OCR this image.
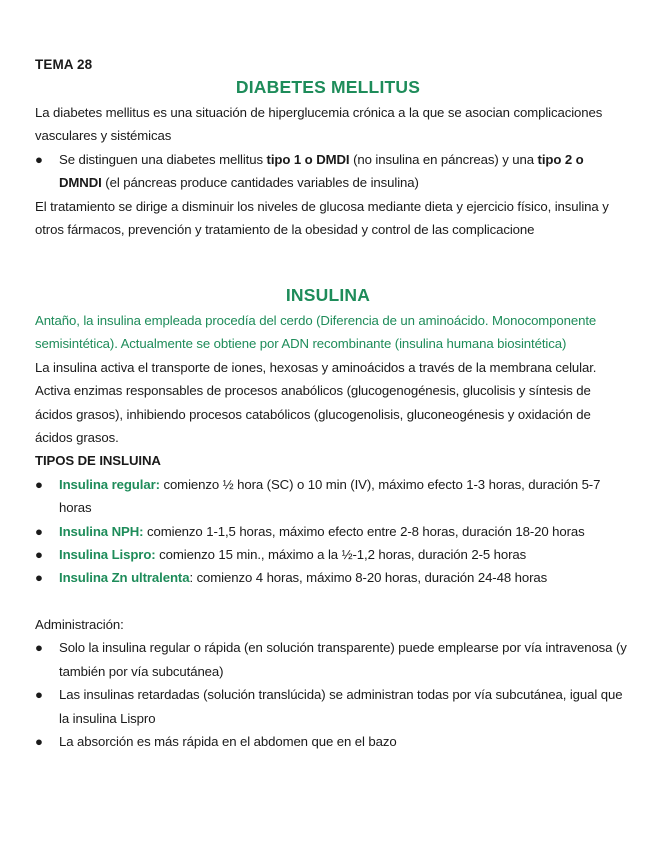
TEMA 28
DIABETES MELLITUS
La diabetes mellitus es una situación de hiperglucemia crónica a la que se asocian complicaciones vasculares y sistémicas
● Se distinguen una diabetes mellitus tipo 1 o DMDI (no insulina en páncreas) y una tipo 2 o DMNDI (el páncreas produce cantidades variables de insulina)
El tratamiento se dirige a disminuir los niveles de glucosa mediante dieta y ejercicio físico, insulina y otros fármacos, prevención y tratamiento de la obesidad y control de las complicacione
INSULINA
Antaño, la insulina empleada procedía del cerdo (Diferencia de un aminoácido. Monocomponente semisintética). Actualmente se obtiene por ADN recombinante (insulina humana biosintética)
La insulina activa el transporte de iones, hexosas y aminoácidos a través de la membrana celular. Activa enzimas responsables de procesos anabólicos (glucogenogénesis, glucolisis y síntesis de ácidos grasos), inhibiendo procesos catabólicos (glucogenolisis, gluconeogénesis y oxidación de ácidos grasos.
TIPOS DE INSLUINA
● Insulina regular: comienzo ½ hora (SC) o 10 min (IV), máximo efecto 1-3 horas, duración 5-7 horas
● Insulina NPH: comienzo 1-1,5 horas, máximo efecto entre 2-8 horas, duración 18-20 horas
● Insulina Lispro: comienzo 15 min., máximo a la ½-1,2 horas, duración 2-5 horas
● Insulina Zn ultralenta: comienzo 4 horas, máximo 8-20 horas, duración 24-48 horas
Administración:
● Solo la insulina regular o rápida (en solución transparente) puede emplearse por vía intravenosa (y también por vía subcutánea)
● Las insulinas retardadas (solución translúcida) se administran todas por vía subcutánea, igual que la insulina Lispro
● La absorción es más rápida en el abdomen que en el bazo
